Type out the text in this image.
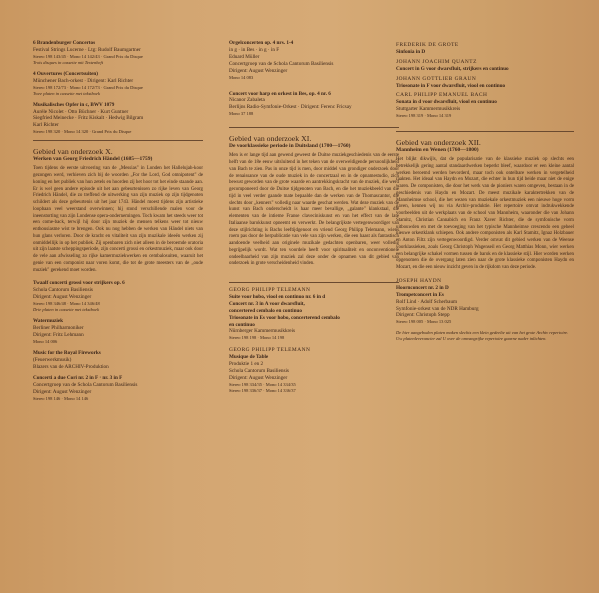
6 Brandenburger Concertos
Festival Strings Lucerne · Ltg: Rudolf Baumgartner
Stereo 198 143/45 · Mono 14 142/43 · Grand Prix du Disque
Trois disques in cassette mit Textenheft
4 Ouvertures (Concertsuiten)
Münchener Bach-orkest · Dirigent: Karl Richter
Stereo 198 172/73 · Mono 14 172/73 · Grand Prix du Disque
Twee platen in cassette met tekstboek
Musikalisches Opfer in c, BWV 1079
Aurèle Nicolet · Otto Büchner · Kurt Guntner
Siegfried Meinecke · Fritz Kiskalt · Hedwig Bilgram
Karl Richter
Stereo 198 320 · Mono 14 320 · Grand Prix du Disque
Gebied van onderzoek X.
Werken van Georg Friedrich Händel (1685—1759)
Toen tijdens de eerste uitvoering van de „Messias" in Londen het Hallelujah-koor gezongen werd, verhieven zich bij de woorden „For the Lord, God omnipotent" de koning en het publiek van hun zetels en hoorden zij het hoor tot het einde staande aan. Er is wel geen andere episode uit het aan gebeurtenissen zo rijke leven van Georg Friedrich Händel, die zo treffend de uitwerking van zijn muziek op zijn tijdgenoten schildert als deze gebeurtenis uit het jaar 1743. Händel moest tijdens zijn artistieke loopbaan veel weerstand overwinnen; hij stond verschillende malen voor de ineenstorting van zijn Londense opera-ondernemingen. Toch kwam het steeds weer tot een come-back, terwijl hij door zijn muziek de mensen telkens weer tot nieuw enthousiasme wist te brengen. Ook nu nog hebben de werken van Händel niets van hun glans verloren. Door de kracht en vitaliteit van zijn muzikale ideeën werken zij onmiddellijk in op het publiek. Zij openbaren zich niet alleen in de beroemde oratoria uit zijn laatste scheppingsperiode, zijn concerti grossi en orkestmuziek, maar ook door de vele aan afwisseling zo rijke kamermuziekwerken en cembalosuiten, waaruit het genie van een componist naar voren komt, die tot de grote meesters van de „oude muziek" gerekend moet worden.
Twaalf concerti grossi voor strijkers op. 6
Schola Cantorum Basiliensis
Dirigent: August Wenzinger
Stereo 198 346/48 · Mono 14 346/48
Drie platen in cassette met tekstboek
Watermuziek
Berliner Philharmoniker
Dirigent: Fritz Lehmann
Mono 14 006
Music for the Royal Fireworks
(Feuerwerkmusik)
Blazers van de ARCHIV-Produktion
Concerti a due Cori nr. 2 in F · nr. 3 in F
Concertgroep van de Schola Cantorum Basiliensis
Dirigent: August Wenzinger
Stereo 198 146 · Mono 14 146
Orgelconcerten op. 4 nrs. 1-4
in g · in Bes · in g · in F
Eduard Müller
Concertgroep van de Schola Cantorum Basiliensis
Dirigent: August Wenzinger
Mono 14 083
Concert voor harp en orkest in Bes, op. 4 nr. 6
Nicanor Zabaleta
Berlijns Radio-Symfonie-Orkest · Dirigent: Ferenc Fricsay
Mono 37 188
Gebied van onderzoek XI.
De voorklassieke periode in Duitsland (1700—1760)
Men is er lange tijd aan gewend geweest de Duitse muziekgeschiedenis van de eerste helft van de 18e eeuw uitsluitend in het teken van de overweldigende persoonlijkheid van Bach te zien. Pas in onze tijd is men, door middel van grondiger onderzoek door de renaissance van de oude muziek in de concertzaal en in de opnamestudio, zich bewust geworden van de grote waarde en aantrekkingskracht van de muziek, die werd gecomponeerd door de Duitse tijdgenoten van Bach, en die het muziekbeeld van die tijd in veel verder gaande mate bepaalde dan de werken van de Thomascantor, die slechts door „kenners" volledig naar waarde geschat werden. Wat deze muziek van de kunst van Bach onderscheidt is haar meer bevallige, „galante" klankstaal, die elementen van de intieme Franse claveciniskunst en van het effect van de late Italiaanse barokkunst opneemt en verwerkt. De belangrijkste vertegenwoordiger van deze stijlrichting is Bachs leeftijdgenoot en vriend Georg Philipp Telemann, wiens roem pas door de herpublicatie van vele van zijn werken, die een haast als fantastisch aandoende veelheid aan originele muzikale gedachten openbaren, weer volledig begrijpelijk wordt. Wat ten voordele heeft voor spiritualiteit en onconventionele ondeelbaarheid van zijn muziek zal deze onder de opnamen van dit gebied van onderzoek in grote verscheidenheid vinden.
GEORG PHILIPP TELEMANN
Suite voor hobo, viool en continuo nr. 6 in d
Concert nr. 3 in A voor dwarsfluit,
concertered cembalo en continuo
Triosonate in Es voor hobo, concerterend cembalo
en continuo
Nürnberger Kammermusikkreis
Stereo 198 198 · Mono 14 198
GEORG PHILIPP TELEMANN
Musique de Table
Produktie 1 en 2
Schola Cantorum Basiliensis
Dirigent: August Wenzinger
Stereo 198 334/35 · Mono 14 334/35
Stereo 198 336/37 · Mono 14 336/37
FREDERIK DE GROTE
Sinfonia in D
JOHANN JOACHIM QUANTZ
Concert in G voor dwarsfluit, strijkers en continuo
JOHANN GOTTLIEB GRAUN
Triosonate in F voor dwarsfluit, viool en continuo
CARL PHILIPP EMANUEL BACH
Sonata in d voor dwarsfluit, viool en continuo
Stuttgarter Kammermusikkreis
Stereo 198 319 · Mono 14 319
Gebied van onderzoek XII.
Mannheim en Wenen (1760—1800)
Het blijkt dikwijls, dat de popularisatie van de klassieke muziek op slechts een betrekkelijk gering aantal standaardwerken beperkt bleef, waardoor er een kleine aantal werken beroemd werden bevorderd, maar toch ook ontelbare werken in vergetelheid raakten. Het ideaal van Haydn en Mozart, die echter in hun tijd beide maar niet de enige waren. De componisten, die door het werk van de pioniers waren omgeven, bestaan in de geschiedenis van Haydn en Mozart. De meest muzikale karaktertrekken van de Mannheimse school, die het wezen van muziekale orkestmuziek een nieuwe hoge vorm gaven, kennen wij nu via Archiv-produktie. Het repertoire omvat indrukwekkende voorbeelden uit de werkplaats van de school van Mannheim, waaronder die van Johann Stamitz, Christian Cannabich en Franz Xaver Richter, die de symfonische vorm uitbouwden en met de toevoeging van het typische Mannheimse crescendo een geheel nieuwe orkestklank schiepen. Ook andere componisten als Karl Stamitz, Ignaz Holzbauer en Anton Filtz zijn vertegenwoordigd. Verder omvat dit gebied werken van de Weense voorklassieken, zoals Georg Christoph Wagenseil en Georg Matthias Monn, wier werken een belangrijke schakel vormen tussen de barok en de klassieke stijl. Hier worden werken opgenomen die de overgang laten zien naar de grote klassieke componisten Haydn en Mozart, en die een nieuw inzicht geven in de rijkdom van deze periode.
JOSEPH HAYDN
Hoornconcert nr. 2 in D
Trompetconcert in Es
Rolf Lind · Adolf Scherbaum
Symfonie-orkest van de NDR Hamburg
Dirigent: Christoph Stepp
Stereo 198 005 · Mono 13 025
De hier aangeboden platen maken slechts een klein gedeelte uit van het grote Archiv repertoire. Uw platenleverancier zal U over de omvangrijke repertoire gaarne nader inlichten.
